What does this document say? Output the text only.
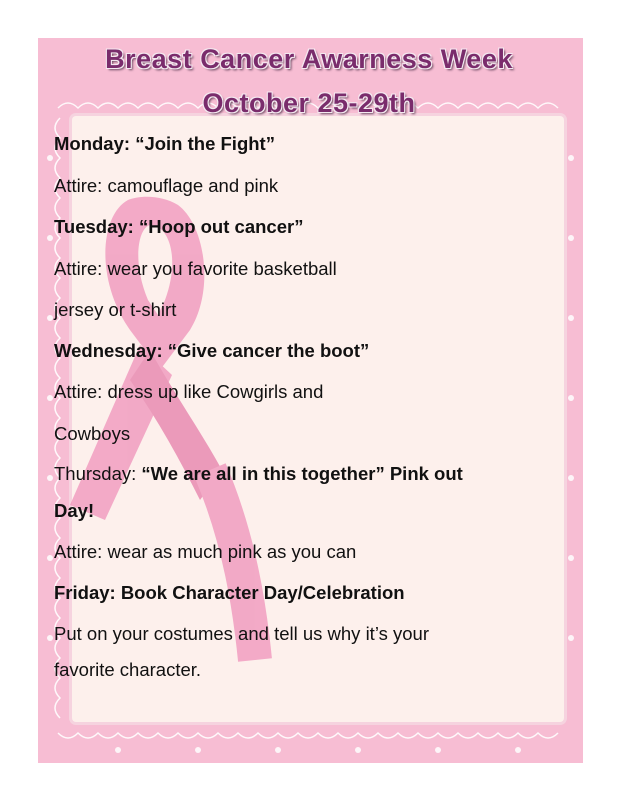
Breast Cancer Awarness Week
October 25-29th

Monday: “Join the Fight”

Attire: camouflage and pink

Tuesday: “Hoop out cancer”

Attire: wear you favorite basketball

jersey or t-shirt

Wednesday: “Give cancer the boot”

Attire: dress up like Cowgirls and

Cowboys

Thursday: “We are all in this together” Pink out

Day!

Attire: wear as much pink as you can

Friday: Book Character Day/Celebration

Put on your costumes and tell us why it’s your

favorite character.
